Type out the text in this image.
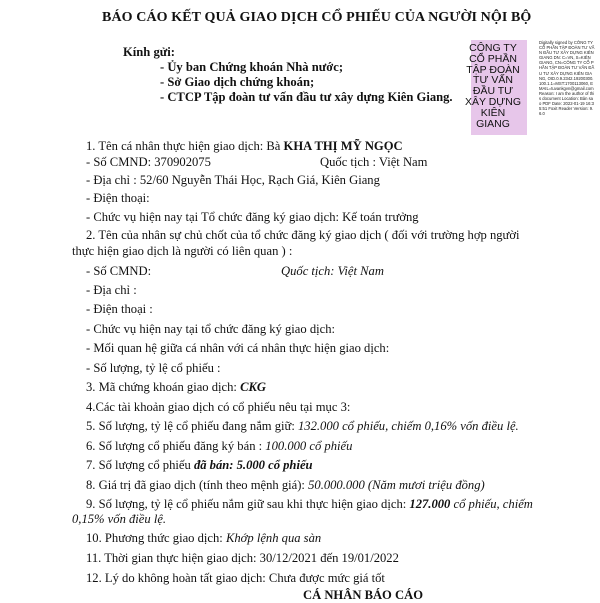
BÁO CÁO KẾT QUẢ GIAO DỊCH CỔ PHIẾU CỦA NGƯỜI NỘI BỘ
Kính gửi:
- Ủy ban Chứng khoán Nhà nước;
- Sở Giao dịch chứng khoán;
- CTCP Tập đoàn tư vấn đầu tư xây dựng Kiên Giang.
CÔNG TY
CỔ PHẦN
TẬP ĐOÀN
TƯ VẤN
ĐẦU TƯ
XÂY DỰNG
KIÊN
GIANG
Digitally signed by CÔNG TY CỔ PHẦN TẬP ĐOÀN TƯ VẤN ĐẦU TƯ XÂY DỰNG KIÊN GIANG DN: C=VN, S=KIÊN GIANG, CN=CÔNG TY CỔ PHẦN TẬP ĐOÀN TƯ VẤN ĐẦU TƯ XÂY DỰNG KIÊN GIANG, OID.0.9.2342.19200300.100.1.1=MST:1700113060, EMAIL=tuvankgvn@gmail.com Reason: I am the author of this document Location: Bản sao PDF Date: 2022-01-19 16:35:51 Foxit Reader Version: 9.6.0
1. Tên cá nhân thực hiện giao dịch: Bà KHA THỊ MỸ NGỌC
- Số CMND: 370902075	Quốc tịch : Việt Nam
- Địa chỉ : 52/60 Nguyễn Thái Học, Rạch Giá, Kiên Giang
- Điện thoại:
- Chức vụ hiện nay tại Tổ chức đăng ký giao dịch: Kế toán trưởng
2. Tên của nhân sự chủ chốt của tổ chức đăng ký giao dịch ( đối với trường hợp người
thực hiện giao dịch là người có liên quan ) :
- Số CMND:	Quốc tịch: Việt Nam
- Địa chỉ :
- Điện thoại :
- Chức vụ hiện nay tại tổ chức đăng ký giao dịch:
- Mối quan hệ giữa cá nhân với cá nhân thực hiện giao dịch:
- Số lượng, tỷ lệ cổ phiếu :
3. Mã chứng khoán giao dịch: CKG
4.Các tài khoản giao dịch có cổ phiếu nêu tại mục 3:
5. Số lượng, tỷ lệ cổ phiếu đang nắm giữ: 132.000 cổ phiếu, chiếm 0,16% vốn điều lệ.
6. Số lượng cổ phiếu đăng ký bán : 100.000 cổ phiếu
7. Số lượng cổ phiếu đã bán: 5.000 cổ phiếu
8. Giá trị đã giao dịch (tính theo mệnh giá): 50.000.000 (Năm mươi triệu đồng)
9. Số lượng, tỷ lệ cổ phiếu nắm giữ sau khi thực hiện giao dịch: 127.000 cổ phiếu, chiếm
0,15% vốn điều lệ.
10. Phương thức giao dịch: Khớp lệnh qua sàn
11. Thời gian thực hiện giao dịch: 30/12/2021 đến 19/01/2022
12. Lý do không hoàn tất giao dịch: Chưa được mức giá tốt
CÁ NHÂN BÁO CÁO
